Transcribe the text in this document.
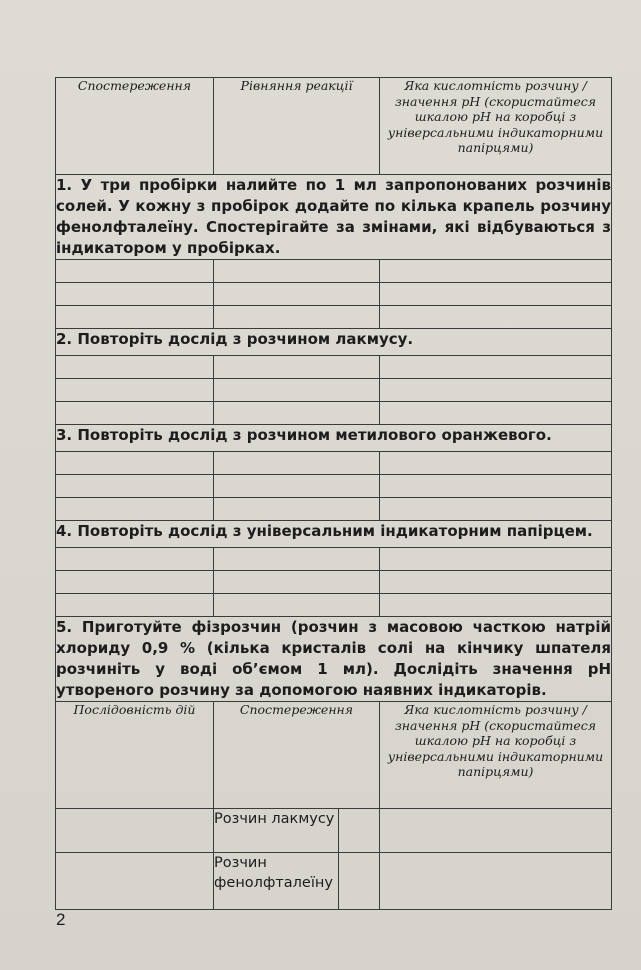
Спостереження	Рівняння реакції		Яка кислотність розчину / значення pH (скористайтеся шкалою pH на коробці з універсальними індикаторними папірцями)
1. У три пробірки налийте по 1 мл запропонованих розчинів солей. У кожну з пробірок додайте по кілька крапель розчину фенолфталеїну. Спостерігайте за змінами, які відбуваються з індикатором у пробірках.			

2. Повторіть дослід з розчином лакмусу.			

3. Повторіть дослід з розчином метилового оранжевого.			

4. Повторіть дослід з універсальним індикаторним папірцем.			

5. Приготуйте фізрозчин (розчин з масовою часткою натрій хлориду 0,9 % (кілька кристалів солі на кінчику шпателя розчиніть у воді об’ємом 1 мл). Дослідіть значення pH утвореного розчину за допомогою наявних індикаторів.			
Послідовність дій	Спостереження		Яка кислотність розчину / значення pH (скористайтеся шкалою pH на коробці з універсальними індикаторними папірцями)
	Розчин лакмусу		
	Розчин фенолфталеїну		
2
